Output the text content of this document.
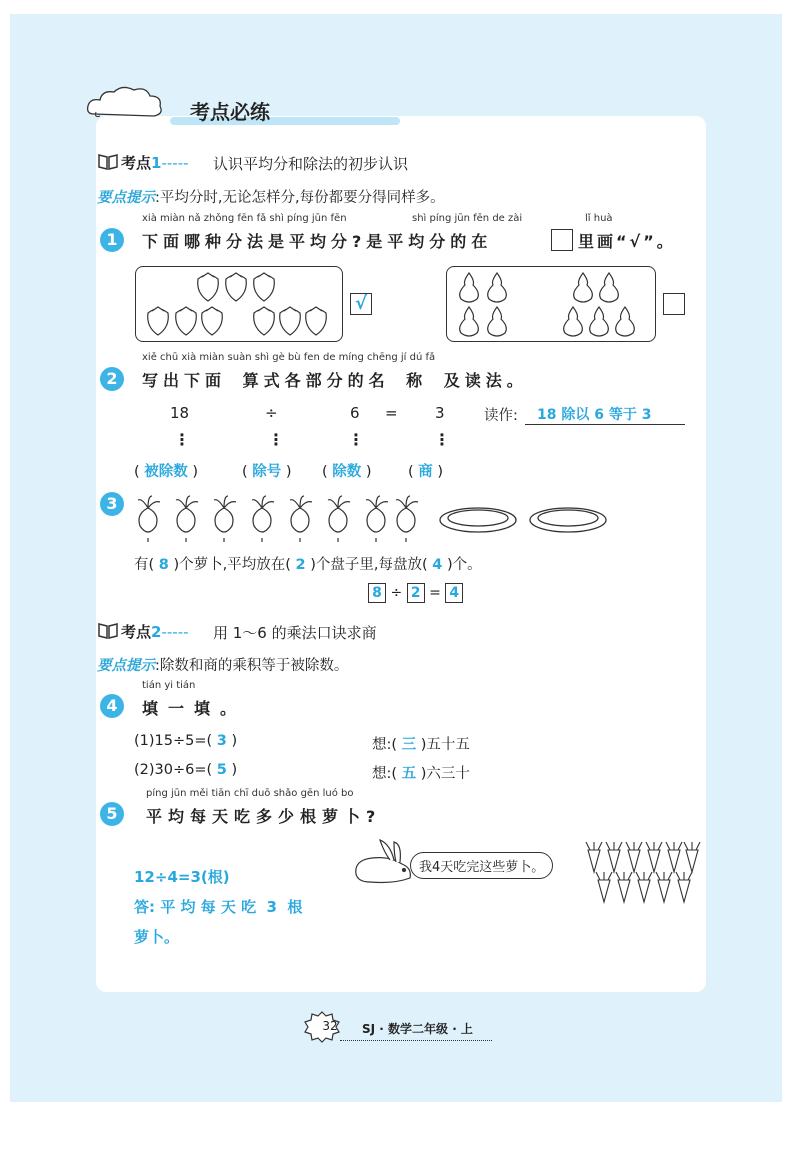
考点必练
考点1----- 认识平均分和除法的初步认识
要点提示:平均分时,无论怎样分,每份都要分得同样多。
1
xià miàn nǎ zhǒng fēn fǎ shì píng jūn fēn	shì píng jūn fēn de zài	lǐ huà
下面哪种分法是平均分?是平均分的在	里画“√”。
√
2
xiě chū xià miàn suàn shì gè bù fen de míng chēng jí dú fǎ
写出下面 算式各部分的名 称 及读法。
18	÷	6 = 3	读作:	18 除以 6 等于 3
⋮	⋮	⋮	⋮
( 被除数 )	( 除号 ) ( 除数 )	( 商 )
3
有( 8 )个萝卜,平均放在( 2 )个盘子里,每盘放( 4 )个。
8 ÷ 2 = 4
考点2----- 用 1～6 的乘法口诀求商
要点提示:除数和商的乘积等于被除数。
4
tián yi tián
填一填。
(1)15÷5=( 3 )
(2)30÷6=( 5 )
想:( 三 )五十五
想:( 五 )六三十
5
píng jūn měi tiān chī duō shǎo gēn luó bo
平均每天吃多少根萝卜?
12÷4=3(根)
答: 平 均 每 天 吃  3  根
萝卜。
我4天吃完这些萝卜。
32	SJ · 数学二年级 · 上
